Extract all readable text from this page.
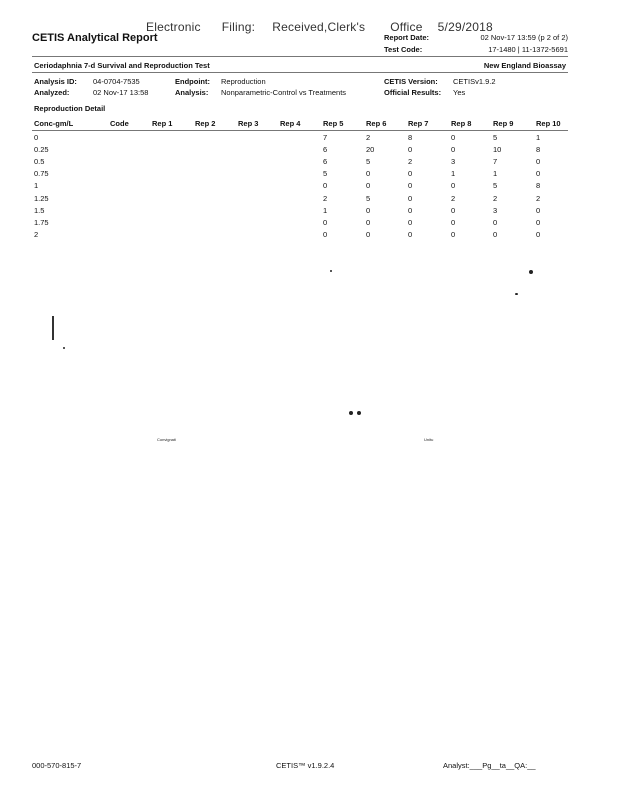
Electronic Filing: Received,Clerk's Office 5/29/2018
CETIS Analytical Report	Report Date:	02 Nov-17 13:59 (p 2 of 2)
Test Code:	17-1480 | 11-1372-5691
Ceriodaphnia 7-d Survival and Reproduction Test	New England Bioassay
Analysis ID: 04-0704-7535	Endpoint: Reproduction	CETIS Version: CETISv1.9.2
Analyzed:	02 Nov-17 13:58	Analysis: Nonparametric-Control vs Treatments	Official Results: Yes
Reproduction Detail
Conc-gm/L	Code	Rep 1	Rep 2	Rep 3	Rep 4	Rep 5	Rep 6	Rep 7	Rep 8	Rep 9	Rep 10
0						7	2	8	0	5	1
0.25						6	20	0	0	10	8
0.5						6	5	2	3	7	0
0.75						5	0	0	1	1	0
1						0	0	0	0	5	8
1.25						2	5	0	2	2	2
1.5						1	0	0	0	3	0
1.75						0	0	0	0	0	0
2						0	0	0	0	0	0
Convignati	Unitu
000-570-815-7	CETIS™ v1.9.2.4	Analyst:___Pg__ta__QA:__
